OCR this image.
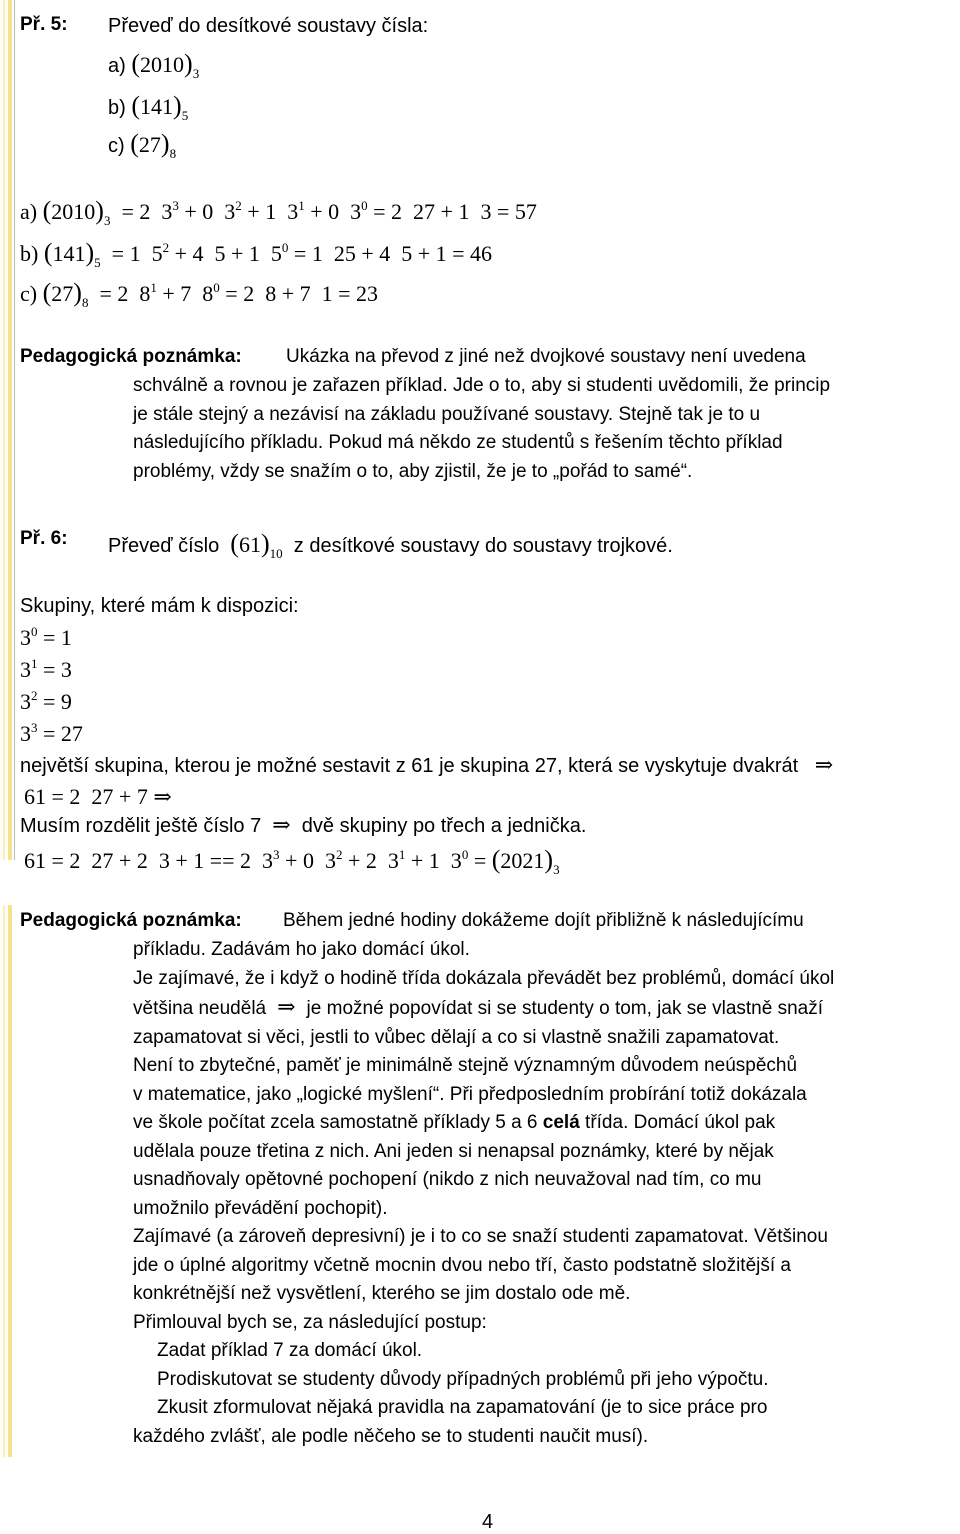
Př. 5: Převeď do desítkové soustavy čísla:
a) $(2010)_3$
b) $(141)_5$
c) $(27)_8$
a) $(2010)_3 = 2$  $3^3 + 0$  $3^2 + 1$  $3^1 + 0$  $3^0 = 2$  27 + 1  3 = 57
b) $(141)_5 = 1$  $5^2 + 4$  5 + 1  $5^0 = 1$  25 + 4  5 + 1 = 46
c) $(27)_8 = 2$  $8^1 + 7$  $8^0 = 2$  8 + 7  1 = 23
Pedagogická poznámka: Ukázka na převod z jiné než dvojkové soustavy není uvedena
schválně a rovnou je zařazen příklad. Jde o to, aby si studenti uvědomili, že princip
je stále stejný a nezávisí na základu používané soustavy. Stejně tak je to u
následujícího příkladu. Pokud má někdo ze studentů s řešením těchto příklad
problémy, vždy se snažím o to, aby zjistil, že je to „pořád to samé“.
Př. 6: Převeď číslo $(61)_{10}$ z desítkové soustavy do soustavy trojkové.
Skupiny, které mám k dispozici:
$3^0 = 1$
$3^1 = 3$
$3^2 = 9$
$3^3 = 27$
největší skupina, kterou je možné sestavit z 61 je skupina 27, která se vyskytuje dvakrát   ⇒
61 = 2  27 + 7 ⇒
Musím rozdělit ještě číslo 7  ⇒  dvě skupiny po třech a jednička.
61 = 2  27 + 2  3 + 1 == 2  $3^3 + 0$  $3^2 + 2$  $3^1 + 1$  $3^0 = (2021)_3$
Pedagogická poznámka: Během jedné hodiny dokážeme dojít přibližně k následujícímu
příkladu. Zadávám ho jako domácí úkol.
Je zajímavé, že i když o hodině třída dokázala převádět bez problémů, domácí úkol
většina neudělá  ⇒  je možné popovídat si se studenty o tom, jak se vlastně snaží
zapamatovat si věci, jestli to vůbec dělají a co si vlastně snažili zapamatovat.
Není to zbytečné, paměť je minimálně stejně významným důvodem neúspěchů
v matematice, jako „logické myšlení“. Při předposledním probírání totiž dokázala
ve škole počítat zcela samostatně příklady 5 a 6 celá třída. Domácí úkol pak
udělala pouze třetina z nich. Ani jeden si nenapsal poznámky, které by nějak
usnadňovaly opětovné pochopení (nikdo z nich neuvažoval nad tím, co mu
umožnilo převádění pochopit).
Zajímavé (a zároveň depresivní) je i to co se snaží studenti zapamatovat. Většinou
jde o úplné algoritmy včetně mocnin dvou nebo tří, často podstatně složitější a
konkrétnější než vysvětlení, kterého se jim dostalo ode mě.
Přimlouval bych se, za následující postup:
Zadat příklad 7 za domácí úkol.
Prodiskutovat se studenty důvody případných problémů při jeho výpočtu.
Zkusit zformulovat nějaká pravidla na zapamatování (je to sice práce pro
každého zvlášť, ale podle něčeho se to studenti naučit musí).
4
